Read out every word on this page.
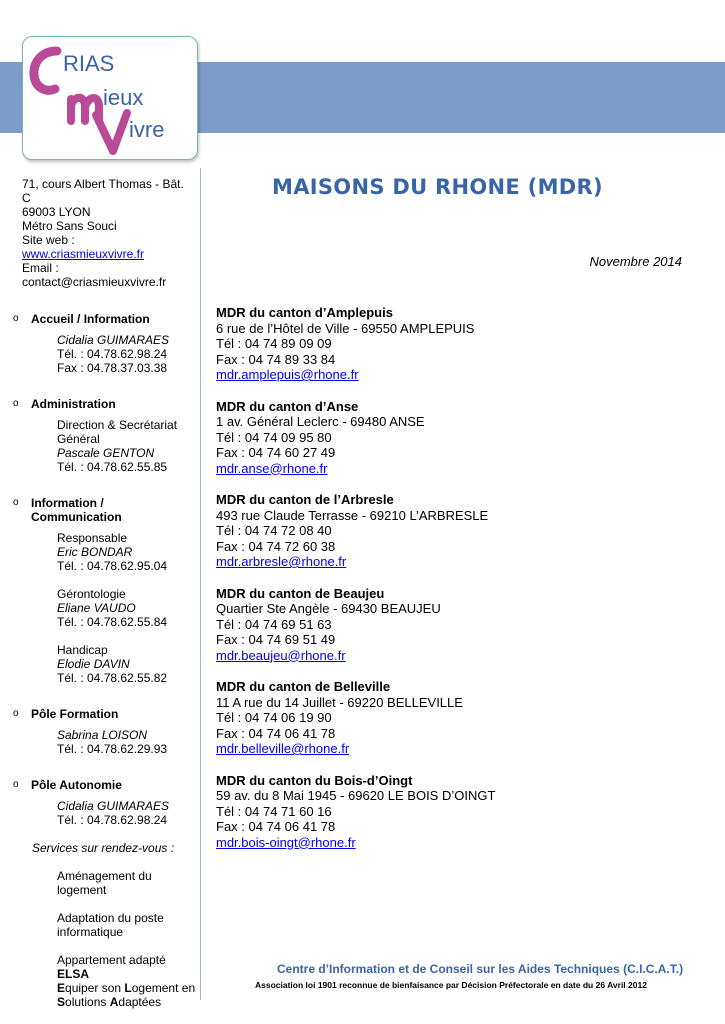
RIAS
ieux
ivre
MAISONS DU RHONE (MDR)
Novembre 2014
71, cours Albert Thomas - Bât.
C
69003 LYON
Métro Sans Souci
Site web :
www.criasmieuxvivre.fr
Email :
contact@criasmieuxvivre.fr
o Accueil / Information
Cidalia GUIMARAES
Tél. : 04.78.62.98.24
Fax : 04.78.37.03.38
o Administration
Direction & Secrétariat
Général
Pascale GENTON
Tél. : 04.78.62.55.85
o Information /
Communication
Responsable
Eric BONDAR
Tél. : 04.78.62.95.04
Gérontologie
Eliane VAUDO
Tél. : 04.78.62.55.84
Handicap
Elodie DAVIN
Tél. : 04.78.62.55.82
o Pôle Formation
Sabrina LOISON
Tél. : 04.78.62.29.93
o Pôle Autonomie
Cidalia GUIMARAES
Tél. : 04.78.62.98.24
Services sur rendez-vous :
Aménagement du
logement
Adaptation du poste
informatique
Appartement adapté
ELSA
Equiper son Logement en
Solutions Adaptées
MDR du canton d’Amplepuis
6 rue de l’Hôtel de Ville - 69550 AMPLEPUIS
Tél : 04 74 89 09 09
Fax : 04 74 89 33 84
mdr.amplepuis@rhone.fr
MDR du canton d’Anse
1 av. Général Leclerc - 69480 ANSE
Tél : 04 74 09 95 80
Fax : 04 74 60 27 49
mdr.anse@rhone.fr
MDR du canton de l’Arbresle
493 rue Claude Terrasse - 69210 L’ARBRESLE
Tél : 04 74 72 08 40
Fax : 04 74 72 60 38
mdr.arbresle@rhone.fr
MDR du canton de Beaujeu
Quartier Ste Angèle - 69430 BEAUJEU
Tél : 04 74 69 51 63
Fax : 04 74 69 51 49
mdr.beaujeu@rhone.fr
MDR du canton de Belleville
11 A rue du 14 Juillet - 69220 BELLEVILLE
Tél : 04 74 06 19 90
Fax : 04 74 06 41 78
mdr.belleville@rhone.fr
MDR du canton du Bois-d’Oingt
59 av. du 8 Mai 1945 - 69620 LE BOIS D’OINGT
Tél : 04 74 71 60 16
Fax : 04 74 06 41 78
mdr.bois-oingt@rhone.fr
Centre d’Information et de Conseil sur les Aides Techniques (C.I.C.A.T.)
Association loi 1901 reconnue de bienfaisance par Décision Préfectorale en date du 26 Avril 2012
